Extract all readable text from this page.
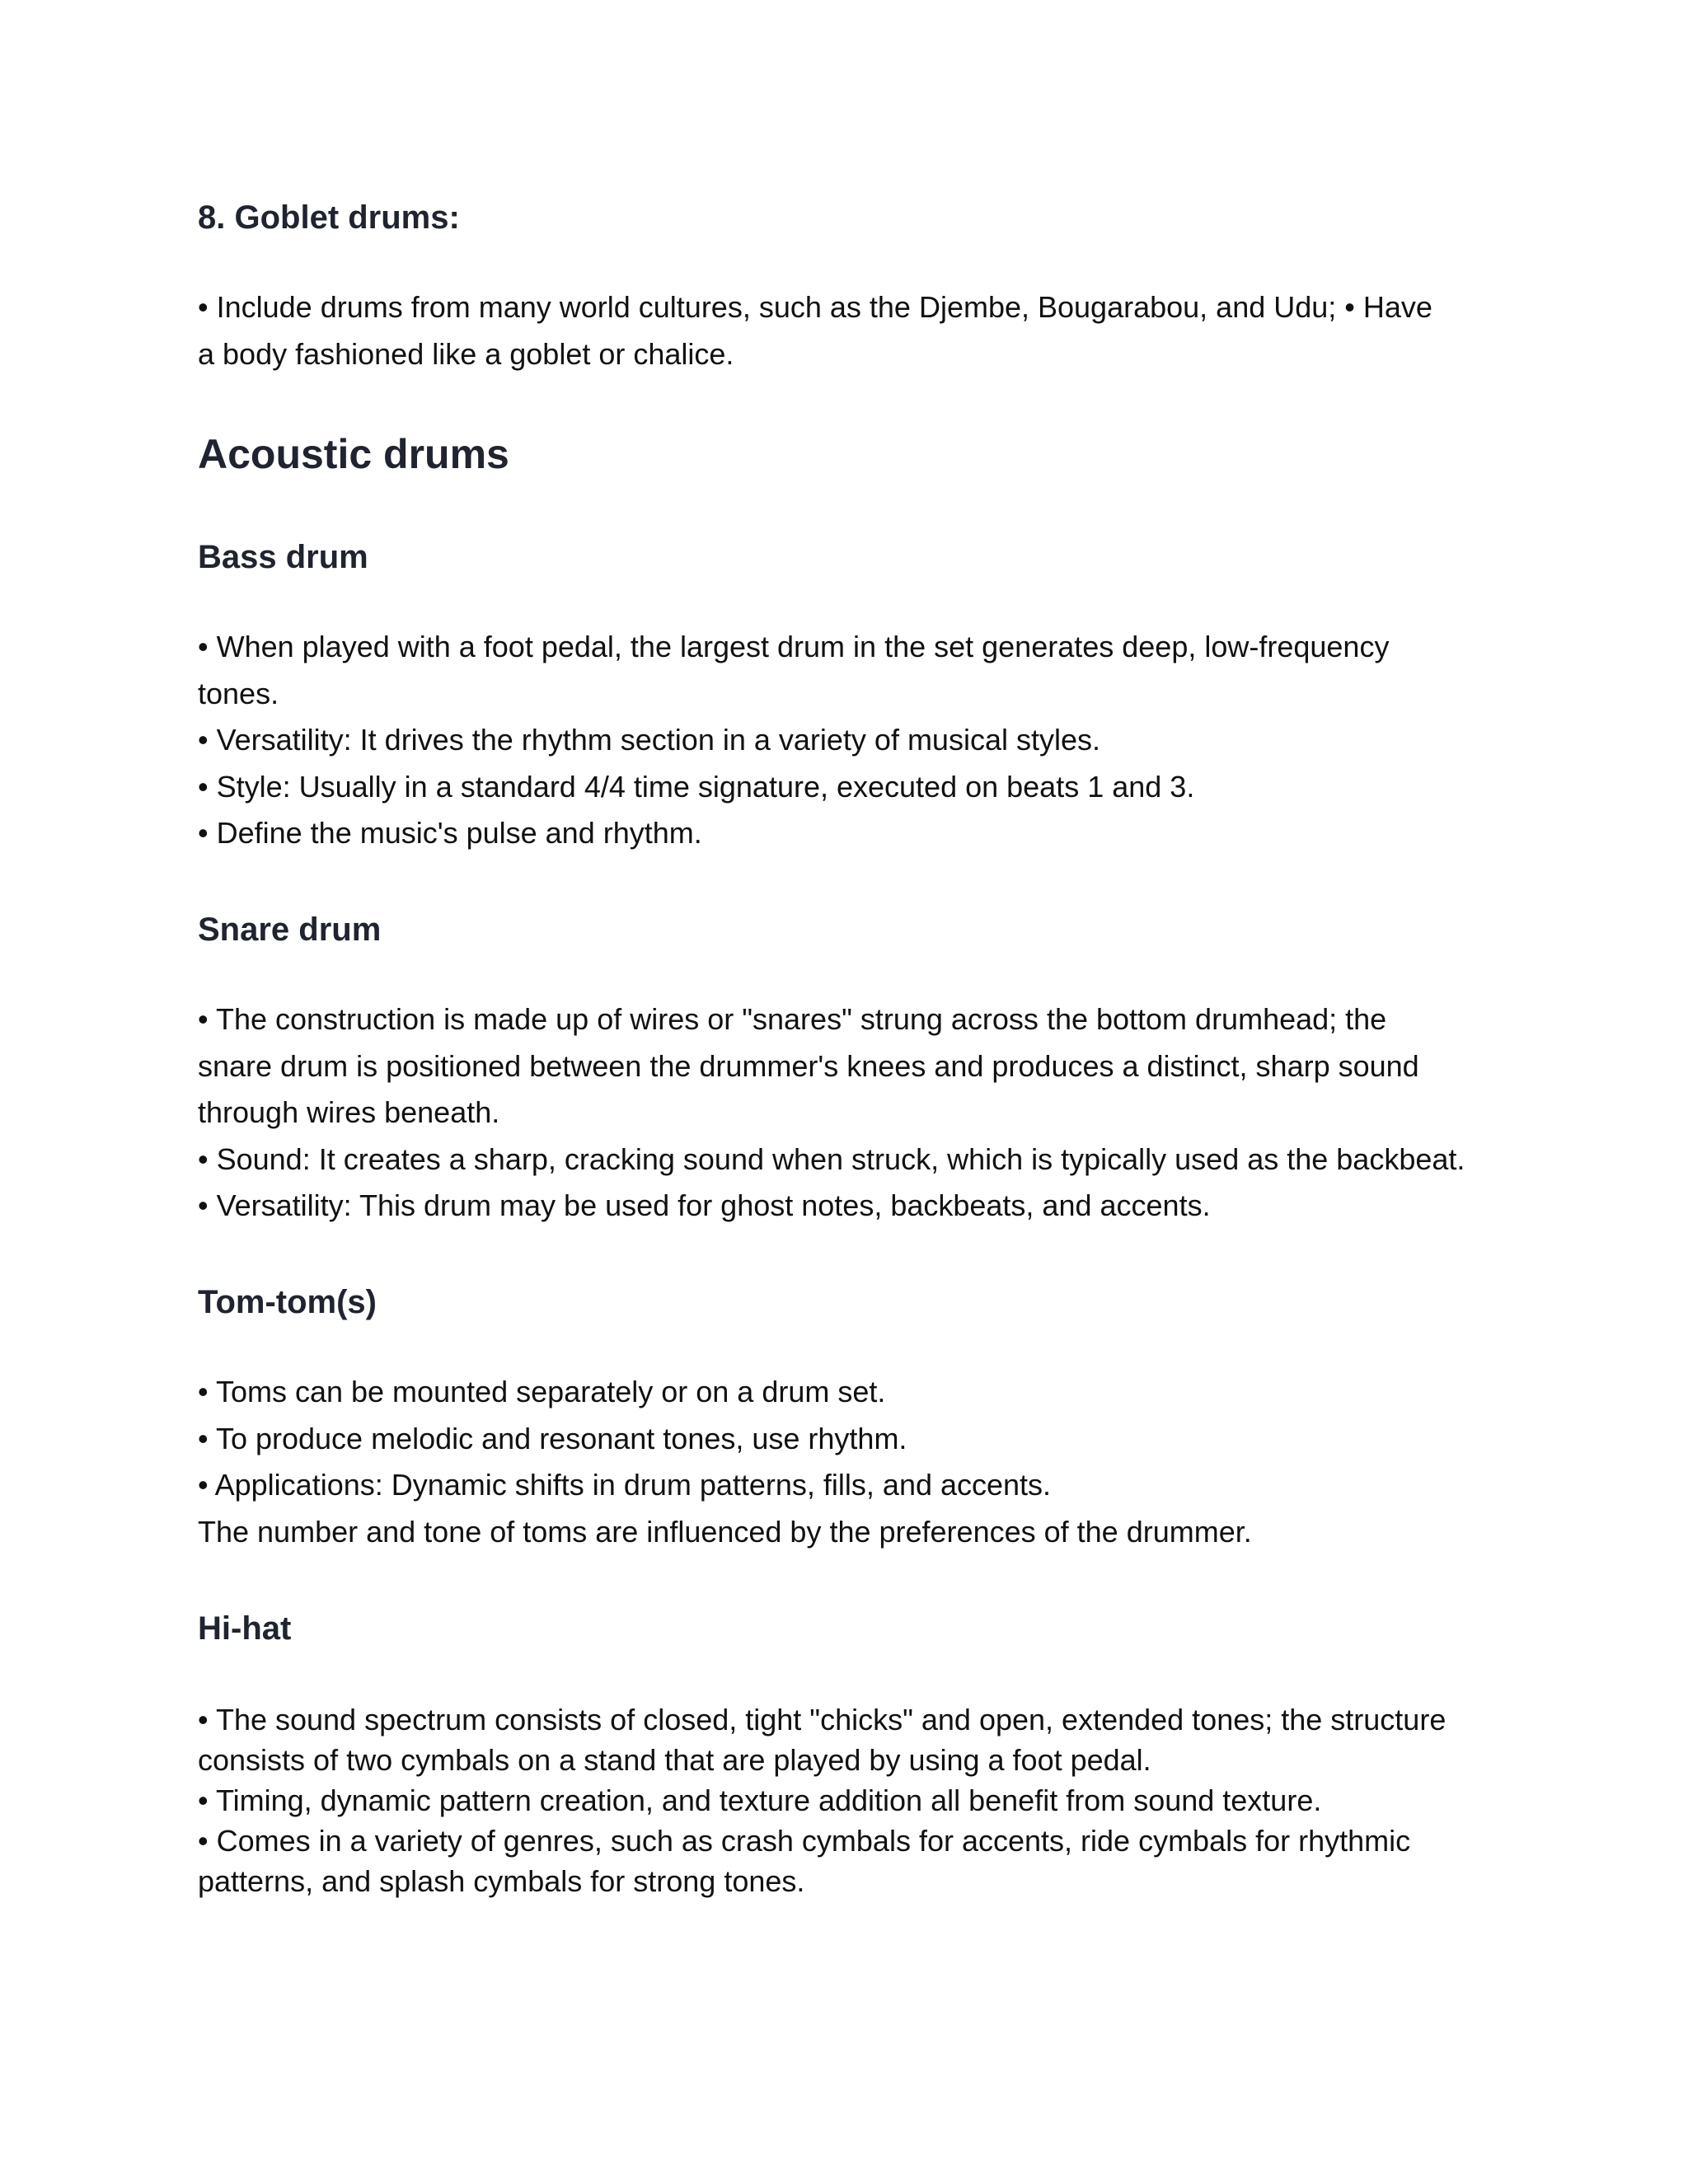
8. Goblet drums:

• Include drums from many world cultures, such as the Djembe, Bougarabou, and Udu; • Have
a body fashioned like a goblet or chalice.

Acoustic drums
Bass drum

• When played with a foot pedal, the largest drum in the set generates deep, low-frequency
tones.
• Versatility: It drives the rhythm section in a variety of musical styles.
• Style: Usually in a standard 4/4 time signature, executed on beats 1 and 3.
• Define the music's pulse and rhythm.

Snare drum

• The construction is made up of wires or "snares" strung across the bottom drumhead; the
snare drum is positioned between the drummer's knees and produces a distinct, sharp sound
through wires beneath.
• Sound: It creates a sharp, cracking sound when struck, which is typically used as the backbeat.
• Versatility: This drum may be used for ghost notes, backbeats, and accents.

Tom-tom(s)

• Toms can be mounted separately or on a drum set.
• To produce melodic and resonant tones, use rhythm.
• Applications: Dynamic shifts in drum patterns, fills, and accents.
The number and tone of toms are influenced by the preferences of the drummer.

Hi-hat

• The sound spectrum consists of closed, tight "chicks" and open, extended tones; the structure
consists of two cymbals on a stand that are played by using a foot pedal.
• Timing, dynamic pattern creation, and texture addition all benefit from sound texture.
• Comes in a variety of genres, such as crash cymbals for accents, ride cymbals for rhythmic
patterns, and splash cymbals for strong tones.
